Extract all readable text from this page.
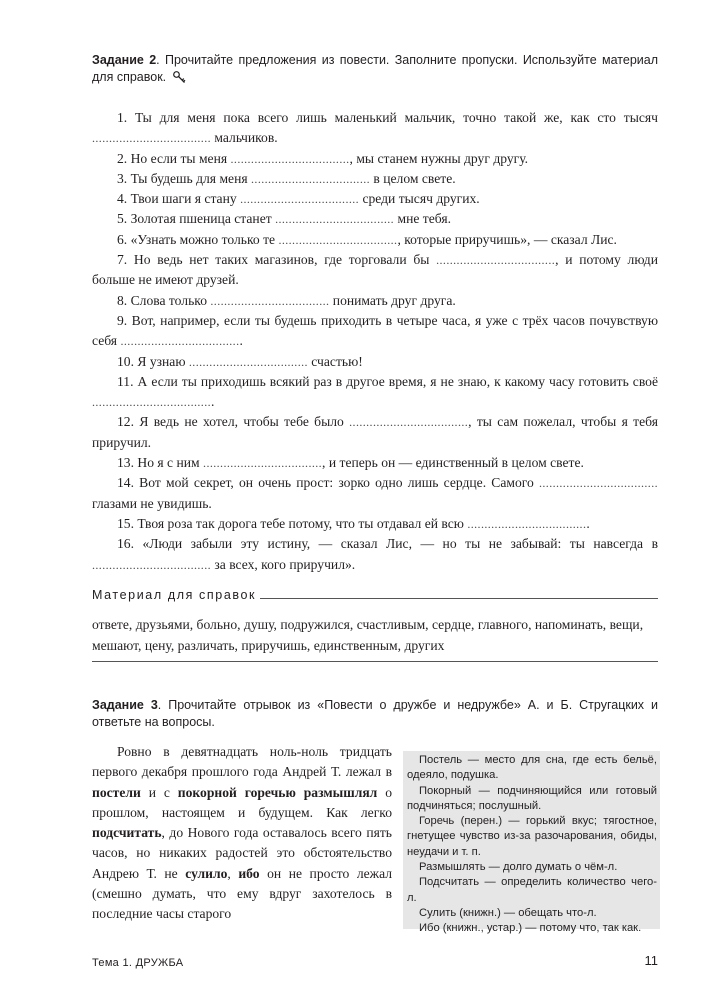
Задание 2. Прочитайте предложения из повести. Заполните пропуски. Используйте материал для справок.

1. Ты для меня пока всего лишь маленький мальчик, точно такой же, как сто тысяч ................................... мальчиков.

2. Но если ты меня ..................................., мы станем нужны друг другу.

3. Ты будешь для меня ................................... в целом свете.

4. Твои шаги я стану ................................... среди тысяч других.

5. Золотая пшеница станет ................................... мне тебя.

6. «Узнать можно только те ..................................., которые приручишь», — сказал Лис.

7. Но ведь нет таких магазинов, где торговали бы ..................................., и потому люди больше не имеют друзей.

8. Слова только ................................... понимать друг друга.

9. Вот, например, если ты будешь приходить в четыре часа, я уже с трёх часов почувствую себя ....................................

10. Я узнаю ................................... счастью!

11. А если ты приходишь всякий раз в другое время, я не знаю, к какому часу готовить своё ....................................

12. Я ведь не хотел, чтобы тебе было ..................................., ты сам пожелал, чтобы я тебя приручил.

13. Но я с ним ..................................., и теперь он — единственный в целом свете.

14. Вот мой секрет, он очень прост: зорко одно лишь сердце. Самого ................................... глазами не увидишь.

15. Твоя роза так дорога тебе потому, что ты отдавал ей всю ....................................

16. «Люди забыли эту истину, — сказал Лис, — но ты не забывай: ты навсегда в ................................... за всех, кого приручил».

Материал для справок
ответе, друзьями, больно, душу, подружился, счастливым, сердце, главного, напоминать, вещи, мешают, цену, различать, приручишь, единственным, других
Задание 3. Прочитайте отрывок из «Повести о дружбе и недружбе» А. и Б. Стругацких и ответьте на вопросы.
Ровно в девятнадцать ноль-ноль тридцать первого декабря прошлого года Андрей Т. лежал в постели и с покорной горечью размышлял о прошлом, настоящем и будущем. Как легко подсчитать, до Нового года оставалось всего пять часов, но никаких радостей это обстоятельство Андрею Т. не сулило, ибо он не просто лежал (смешно думать, что ему вдруг захотелось в последние часы старого

Постель — место для сна, где есть бельё, одеяло, подушка.

Покорный — подчиняющийся или готовый подчиняться; послушный.

Горечь (перен.) — горький вкус; тягостное, гнетущее чувство из-за разочарования, обиды, неудачи и т. п.

Размышлять — долго думать о чём-л.

Подсчитать — определить количество чего-л.

Сулить (книжн.) — обещать что-л.

Ибо (книжн., устар.) — потому что, так как.

Тема 1. ДРУЖБА	11
